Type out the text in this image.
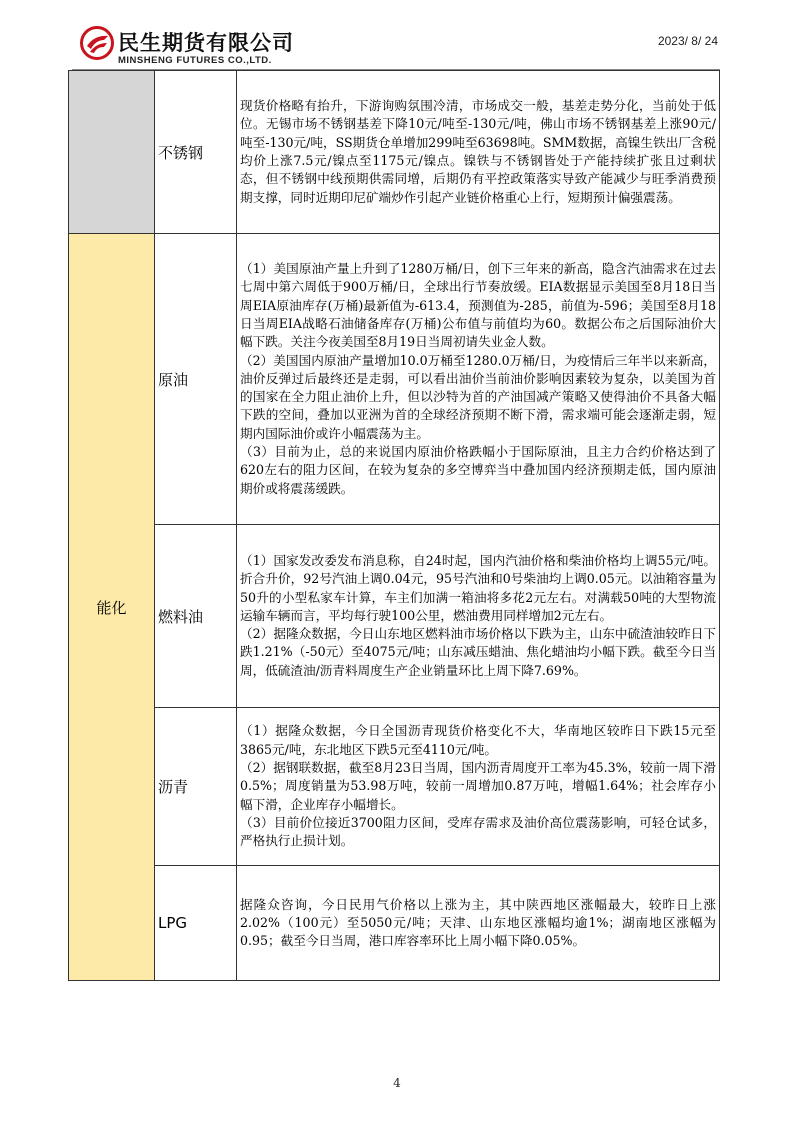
民生期货有限公司
MINSHENG FUTURES CO.,LTD.
2023/ 8/ 24
	不锈钢	现货价格略有抬升，下游询购氛围冷清，市场成交一般，基差走势分化，当前处于低位。无锡市场不锈钢基差下降10元/吨至-130元/吨，佛山市场不锈钢基差上涨90元/吨至-130元/吨，SS期货仓单增加299吨至63698吨。SMM数据，高镍生铁出厂含税均价上涨7.5元/镍点至1175元/镍点。镍铁与不锈钢皆处于产能持续扩张且过剩状态，但不锈钢中线预期供需同增，后期仍有平控政策落实导致产能减少与旺季消费预期支撑，同时近期印尼矿端炒作引起产业链价格重心上行，短期预计偏强震荡。

能化	原油	（1）美国原油产量上升到了1280万桶/日，创下三年来的新高，隐含汽油需求在过去七周中第六周低于900万桶/日，全球出行节奏放缓。EIA数据显示美国至8月18日当周EIA原油库存(万桶)最新值为-613.4，预测值为-285，前值为-596；美国至8月18日当周EIA战略石油储备库存(万桶)公布值与前值均为60。数据公布之后国际油价大幅下跌。关注今夜美国至8月19日当周初请失业金人数。

（2）美国国内原油产量增加10.0万桶至1280.0万桶/日，为疫情后三年半以来新高，油价反弹过后最终还是走弱，可以看出油价当前油价影响因素较为复杂，以美国为首的国家在全力阻止油价上升，但以沙特为首的产油国减产策略又使得油价不具备大幅下跌的空间，叠加以亚洲为首的全球经济预期不断下滑，需求端可能会逐渐走弱，短期内国际油价或许小幅震荡为主。

（3）目前为止，总的来说国内原油价格跌幅小于国际原油，且主力合约价格达到了620左右的阻力区间，在较为复杂的多空博弈当中叠加国内经济预期走低，国内原油期价或将震荡缓跌。

	燃料油	（1）国家发改委发布消息称，自24时起，国内汽油价格和柴油价格均上调55元/吨。折合升价，92号汽油上调0.04元，95号汽油和0号柴油均上调0.05元。以油箱容量为50升的小型私家车计算，车主们加满一箱油将多花2元左右。对满载50吨的大型物流运输车辆而言，平均每行驶100公里，燃油费用同样增加2元左右。

（2）据隆众数据，今日山东地区燃料油市场价格以下跌为主，山东中硫渣油较昨日下跌1.21%（-50元）至4075元/吨；山东减压蜡油、焦化蜡油均小幅下跌。截至今日当周，低硫渣油/沥青料周度生产企业销量环比上周下降7.69%。

	沥青	（1）据隆众数据，今日全国沥青现货价格变化不大，华南地区较昨日下跌15元至3865元/吨，东北地区下跌5元至4110元/吨。

（2）据钢联数据，截至8月23日当周，国内沥青周度开工率为45.3%，较前一周下滑0.5%；周度销量为53.98万吨，较前一周增加0.87万吨，增幅1.64%；社会库存小幅下滑，企业库存小幅增长。

（3）目前价位接近3700阻力区间，受库存需求及油价高位震荡影响，可轻仓试多，严格执行止损计划。

	LPG	据隆众咨询，今日民用气价格以上涨为主，其中陕西地区涨幅最大，较昨日上涨2.02%（100元）至5050元/吨；天津、山东地区涨幅均逾1%；湖南地区涨幅为0.95；截至今日当周，港口库容率环比上周小幅下降0.05%。

4
